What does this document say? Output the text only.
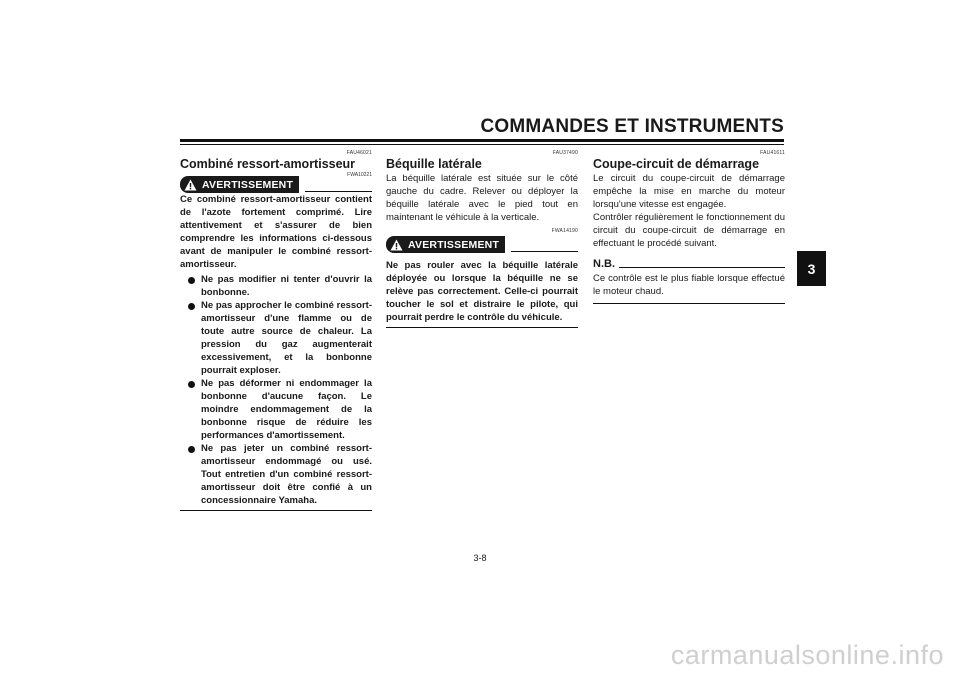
COMMANDES ET INSTRUMENTS
3
FAU46021
Combiné ressort-amortisseur
AVERTISSEMENT
FWA10221
Ce combiné ressort-amortisseur contient de l'azote fortement comprimé. Lire attentivement et s'assurer de bien comprendre les informations ci-dessous avant de manipuler le combiné ressort-amortisseur.
Ne pas modifier ni tenter d'ouvrir la bonbonne.
Ne pas approcher le combiné ressort-amortisseur d'une flamme ou de toute autre source de chaleur. La pression du gaz augmenterait excessivement, et la bonbonne pourrait exploser.
Ne pas déformer ni endommager la bonbonne d'aucune façon. Le moindre endommagement de la bonbonne risque de réduire les performances d'amortissement.
Ne pas jeter un combiné ressort-amortisseur endommagé ou usé. Tout entretien d'un combiné ressort-amortisseur doit être confié à un concessionnaire Yamaha.
FAU37490
Béquille latérale
La béquille latérale est située sur le côté gauche du cadre. Relever ou déployer la béquille latérale avec le pied tout en maintenant le véhicule à la verticale.
FWA14190
AVERTISSEMENT
Ne pas rouler avec la béquille latérale déployée ou lorsque la béquille ne se relève pas correctement. Celle-ci pourrait toucher le sol et distraire le pilote, qui pourrait perdre le contrôle du véhicule.
FAU41611
Coupe-circuit de démarrage
Le circuit du coupe-circuit de démarrage empêche la mise en marche du moteur lorsqu'une vitesse est engagée.
Contrôler régulièrement le fonctionnement du circuit du coupe-circuit de démarrage en effectuant le procédé suivant.
N.B.
Ce contrôle est le plus fiable lorsque effectué le moteur chaud.
3-8
carmanualsonline.info
